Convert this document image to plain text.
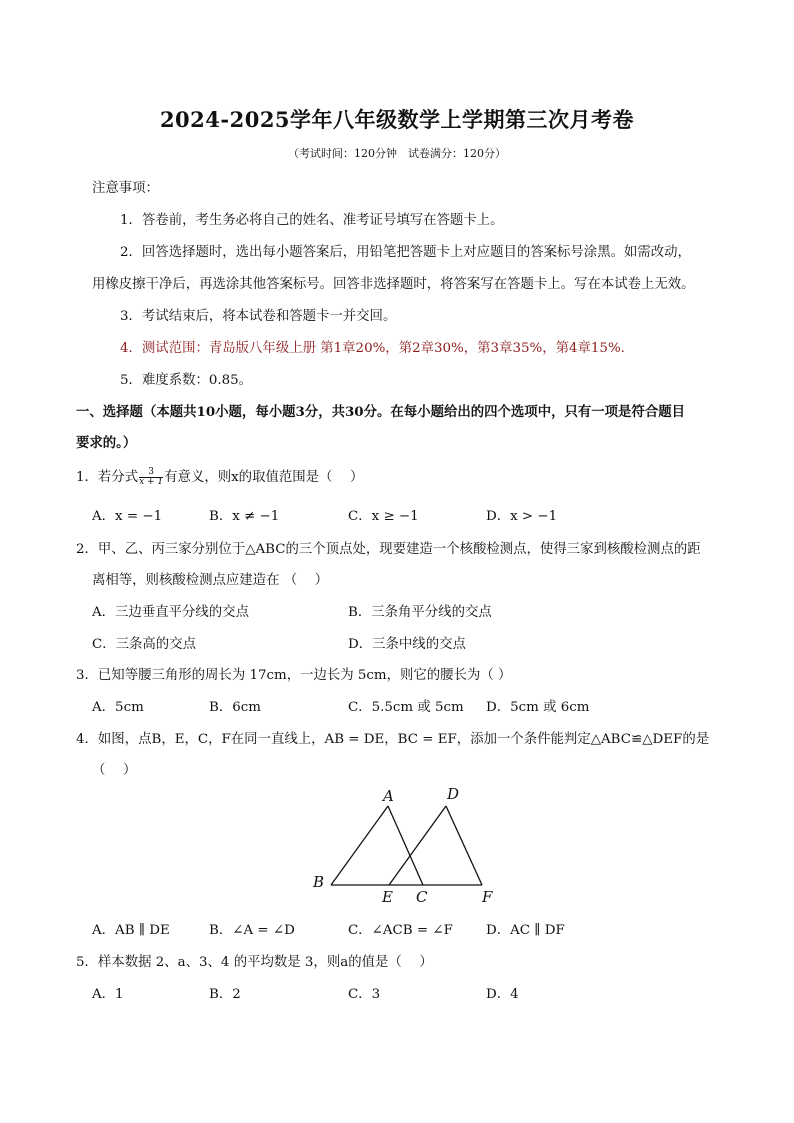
2024-2025学年八年级数学上学期第三次月考卷
（考试时间：120分钟　试卷满分：120分）
注意事项：
1．答卷前，考生务必将自己的姓名、准考证号填写在答题卡上。
2．回答选择题时，选出每小题答案后，用铅笔把答题卡上对应题目的答案标号涂黑。如需改动，
用橡皮擦干净后，再选涂其他答案标号。回答非选择题时，将答案写在答题卡上。写在本试卷上无效。
3．考试结束后，将本试卷和答题卡一并交回。
4．测试范围：青岛版八年级上册 第1章20%，第2章30%，第3章35%，第4章15%.
5．难度系数：0.85。
一、选择题（本题共10小题，每小题3分，共30分。在每小题给出的四个选项中，只有一项是符合题目
要求的。）
1．若分式 $\frac{3}{x + 1}$ 有意义，则x的取值范围是（　 ）
A．x = −1	B．x ≠ −1	C．x ≥ −1	D．x > −1
2．甲、乙、丙三家分别位于△ABC的三个顶点处，现要建造一个核酸检测点，使得三家到核酸检测点的距
离相等，则核酸检测点应建造在 （　 ）
A．三边垂直平分线的交点	B．三条角平分线的交点
C．三条高的交点	D．三条中线的交点
3．已知等腰三角形的周长为 17cm，一边长为 5cm，则它的腰长为（ ）
A．5cm	B．6cm	C．5.5cm 或 5cm D．5cm 或 6cm
4．如图，点B，E，C，F在同一直线上，AB = DE，BC = EF，添加一个条件能判定△ABC≌△DEF的是
（　 ）
A	D
B
E C	F
A．AB ∥ DE	B．∠A = ∠D	C．∠ACB = ∠F D．AC ∥ DF
5．样本数据 2、a、3、4 的平均数是 3，则a的值是（　 ）
A．1	B．2	C．3	D．4
